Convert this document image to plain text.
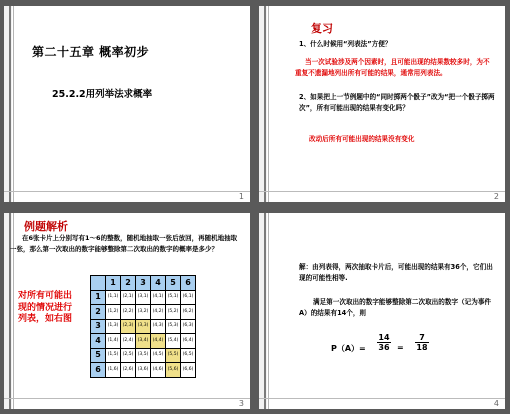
第二十五章 概率初步
25.2.2用列举法求概率
1
复习
1、什么时候用“列表法”方便？
当一次试验涉及两个因素时，且可能出现的结果数较多时，为不重复不遗漏地列出所有可能的结果，通常用列表法。
2、如果把上一节例题中的“同时掷两个骰子”改为“把一个骰子掷两次”，所有可能出现的结果有变化吗？
改动后所有可能出现的结果没有变化
2
例题解析
在6张卡片上分别写有1～6的整数，随机地抽取一张后放回，再随机地抽取一张，那么第一次取出的数字能够整除第二次取出的数字的概率是多少？
对所有可能出现的情况进行列表，如右图
	1	2	3	4	5	6
1	(1,1)	(2,1)	(3,1)	(4,1)	(5,1)	(6,1)
2	(1,2)	(2,2)	(3,2)	(4,2)	(5,2)	(6,2)
3	(1,3)	(2,3)	(3,3)	(4,3)	(5,3)	(6,3)
4	(1,4)	(2,4)	(3,4)	(4,4)	(5,4)	(6,4)
5	(1,5)	(2,5)	(3,5)	(4,5)	(5,5)	(6,5)
6	(1,6)	(2,6)	(3,6)	(4,6)	(5,6)	(6,6)
3
解：由列表得，两次抽取卡片后，可能出现的结果有36个，它们出现的可能性相等.
满足第一次取出的数字能够整除第二次取出的数字（记为事件A）的结果有14个，则
$P(A)= \frac{14}{36} = \frac{7}{18}$
4
